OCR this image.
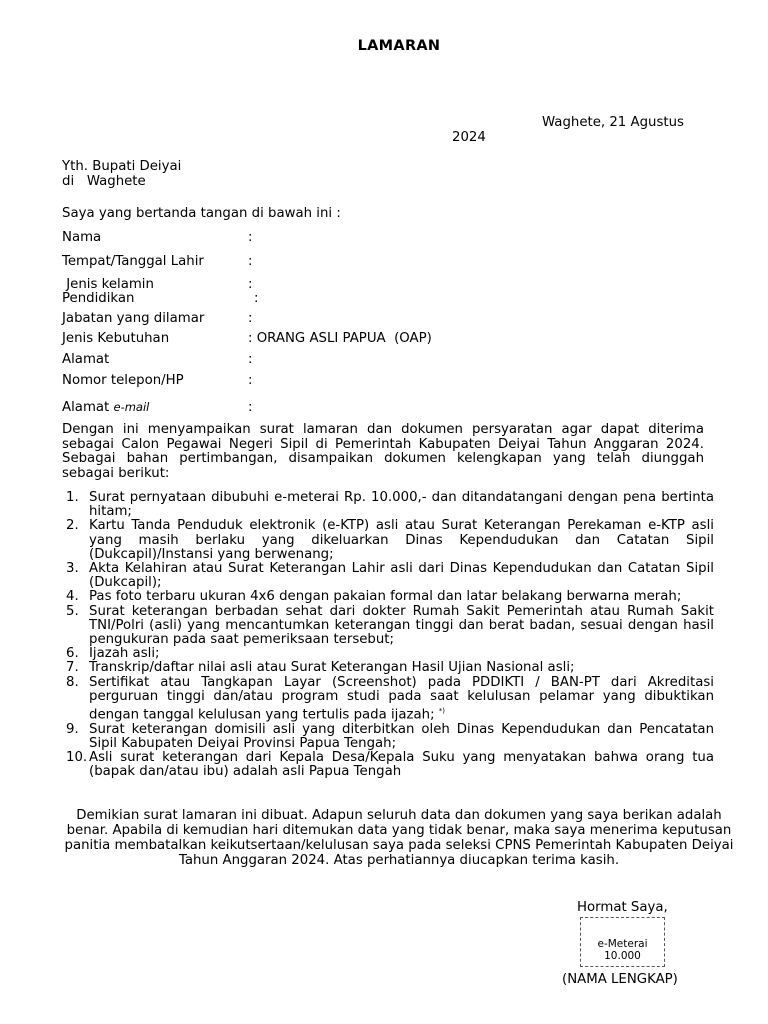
LAMARAN
Waghete, 21 Agustus
2024
Yth. Bupati Deiyai
di   Waghete
Saya yang bertanda tangan di bawah ini :
Nama	:
Tempat/Tanggal Lahir	:
Jenis kelamin	:
Pendidikan	:
Jabatan yang dilamar	:
Jenis Kebutuhan	: ORANG ASLI PAPUA  (OAP)
Alamat	:
Nomor telepon/HP	:
Alamat e-mail	:
Dengan ini menyampaikan surat lamaran dan dokumen persyaratan agar dapat diterima sebagai Calon Pegawai Negeri Sipil di Pemerintah Kabupaten Deiyai Tahun Anggaran 2024. Sebagai bahan pertimbangan, disampaikan dokumen kelengkapan yang telah diunggah sebagai berikut:
1. Surat pernyataan dibubuhi e-meterai Rp. 10.000,- dan ditandatangani dengan pena bertinta hitam;
2. Kartu Tanda Penduduk elektronik (e-KTP) asli atau Surat Keterangan Perekaman e-KTP asli yang masih berlaku yang dikeluarkan Dinas Kependudukan dan Catatan Sipil (Dukcapil)/Instansi yang berwenang;
3. Akta Kelahiran atau Surat Keterangan Lahir asli dari Dinas Kependudukan dan Catatan Sipil (Dukcapil);
4. Pas foto terbaru ukuran 4x6 dengan pakaian formal dan latar belakang berwarna merah;
5. Surat keterangan berbadan sehat dari dokter Rumah Sakit Pemerintah atau Rumah Sakit TNI/Polri (asli) yang mencantumkan keterangan tinggi dan berat badan, sesuai dengan hasil pengukuran pada saat pemeriksaan tersebut;
6. Ijazah asli;
7. Transkrip/daftar nilai asli atau Surat Keterangan Hasil Ujian Nasional asli;
8. Sertifikat atau Tangkapan Layar (Screenshot) pada PDDIKTI / BAN-PT dari Akreditasi perguruan tinggi dan/atau program studi pada saat kelulusan pelamar yang dibuktikan dengan tanggal kelulusan yang tertulis pada ijazah; *)
9. Surat keterangan domisili asli yang diterbitkan oleh Dinas Kependudukan dan Pencatatan Sipil Kabupaten Deiyai Provinsi Papua Tengah;
10. Asli surat keterangan dari Kepala Desa/Kepala Suku yang menyatakan bahwa orang tua (bapak dan/atau ibu) adalah asli Papua Tengah
Demikian surat lamaran ini dibuat. Adapun seluruh data dan dokumen yang saya berikan adalah benar. Apabila di kemudian hari ditemukan data yang tidak benar, maka saya menerima keputusan panitia membatalkan keikutsertaan/kelulusan saya pada seleksi CPNS Pemerintah Kabupaten Deiyai Tahun Anggaran 2024. Atas perhatiannya diucapkan terima kasih.
Hormat Saya,
e-Meterai
10.000
(NAMA LENGKAP)
